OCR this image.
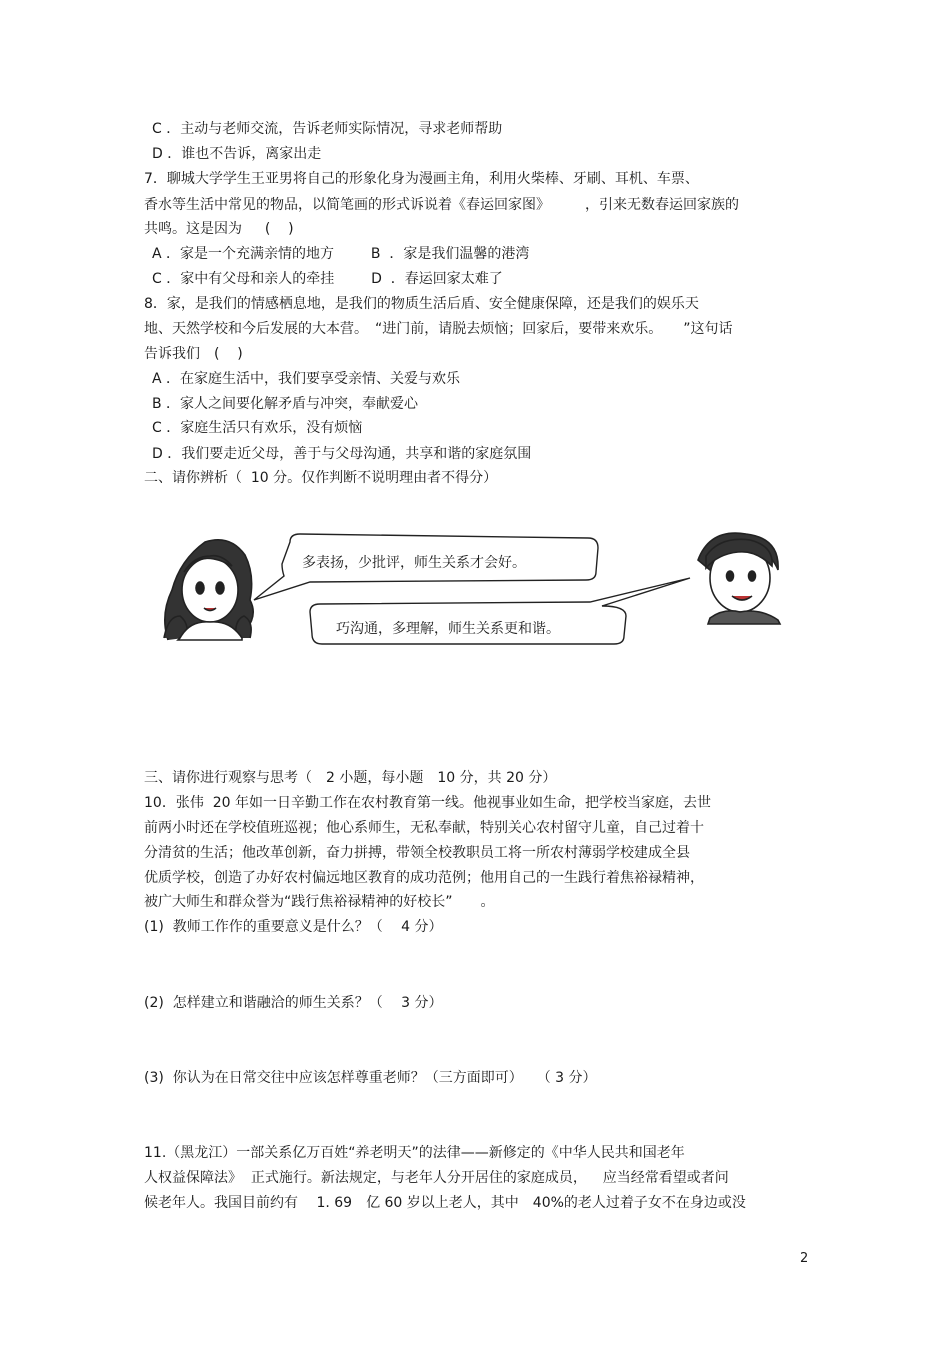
C ．主动与老师交流，告诉老师实际情况，寻求老师帮助
D ．谁也不告诉，离家出走
7．聊城大学学生王亚男将自己的形象化身为漫画主角，利用火柴棒、牙刷、耳机、车票、
香水等生活中常见的物品，以简笔画的形式诉说着《春运回家图》　　　，引来无数春运回家族的
共鸣。这是因为　  (    )
A ．家是一个充满亲情的地方　　  B  ．家是我们温馨的港湾
C ．家中有父母和亲人的牵挂　　  D  ．春运回家太难了
8．家，是我们的情感栖息地，是我们的物质生活后盾、安全健康保障，还是我们的娱乐天
地、天然学校和今后发展的大本营。　“进门前，请脱去烦恼；回家后，要带来欢乐。　　”这句话
告诉我们　(    )
A ．在家庭生活中，我们要享受亲情、关爱与欢乐
B ．家人之间要化解矛盾与冲突，奉献爱心
C ．家庭生活只有欢乐，没有烦恼
D ．我们要走近父母，善于与父母沟通，共享和谐的家庭氛围
二、请你辨析（  10 分。仅作判断不说明理由者不得分）
多表扬，少批评，师生关系才会好。
巧沟通，多理解，师生关系更和谐。
三、请你进行观察与思考（　2 小题，每小题　10 分，共 20 分）
10．张伟  20 年如一日辛勤工作在农村教育第一线。他视事业如生命，把学校当家庭，去世
前两小时还在学校值班巡视；他心系师生，无私奉献，特别关心农村留守儿童，自己过着十
分清贫的生活；他改革创新，奋力拼搏，带领全校教职员工将一所农村薄弱学校建成全县
优质学校，创造了办好农村偏远地区教育的成功范例；他用自己的一生践行着焦裕禄精神，
被广大师生和群众誉为“践行焦裕禄精神的好校长”　　。
(1)  教师工作作的重要意义是什么？（　 4 分）
(2)  怎样建立和谐融洽的师生关系？（　 3 分）
(3)  你认为在日常交往中应该怎样尊重老师？（三方面即可）　　（ 3 分）
11.（黑龙江）一部关系亿万百姓“养老明天”的法律——新修定的《中华人民共和国老年
人权益保障法》  正式施行。新法规定，与老年人分开居住的家庭成员，　  应当经常看望或者问
候老年人。我国目前约有　 1. 69　亿 60 岁以上老人，其中　40%的老人过着子女不在身边或没
2
